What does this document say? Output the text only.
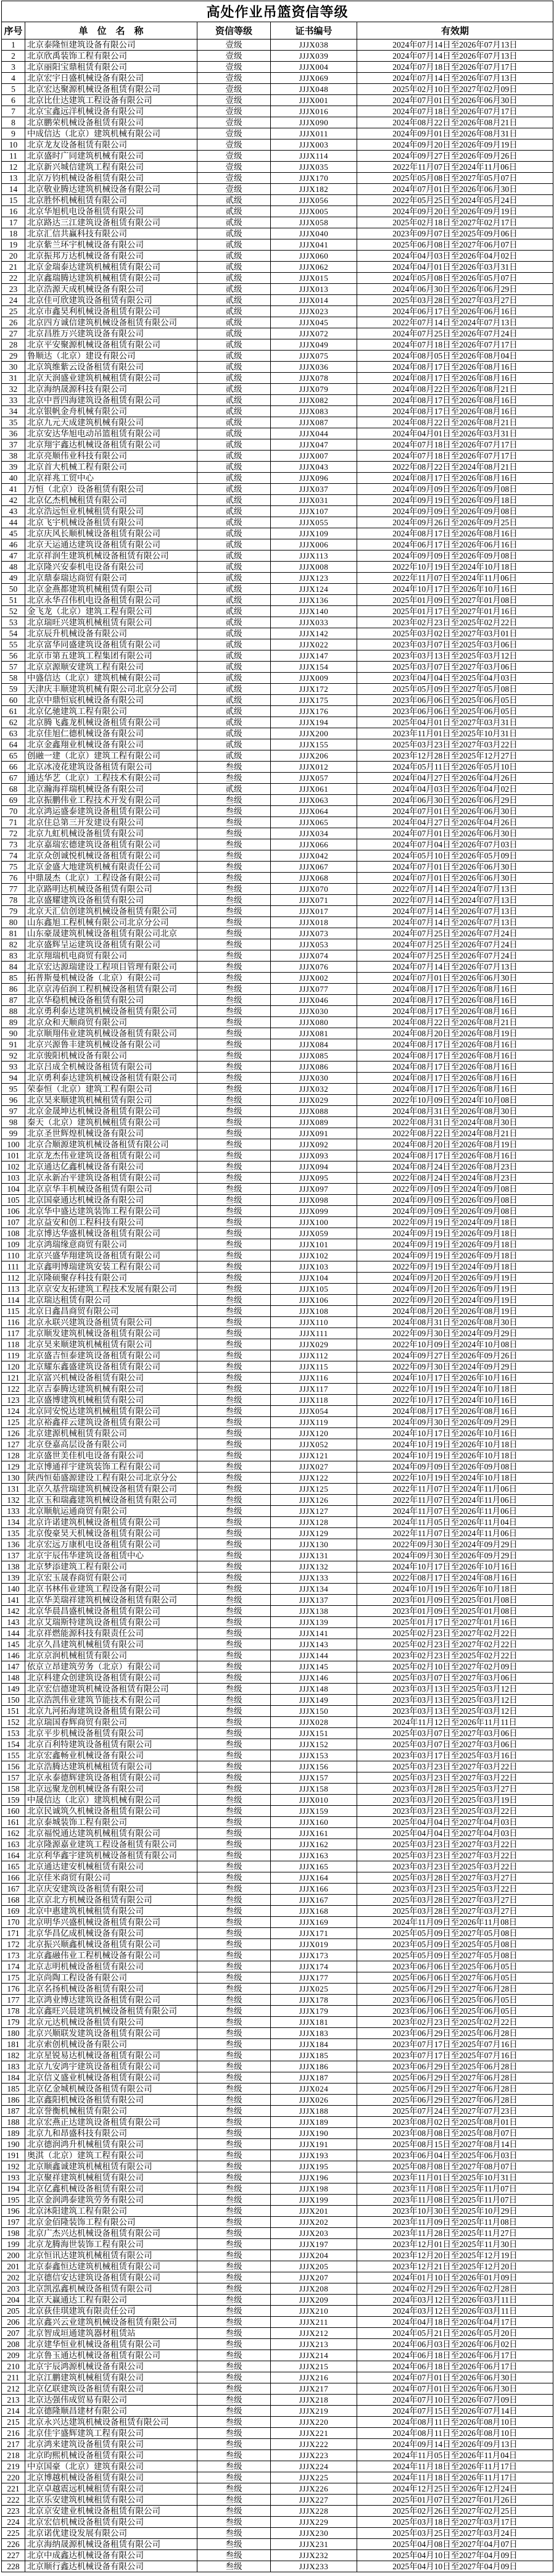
高处作业吊篮资信等级				
序号	单　位　名　称	资信等级	证书编号	有效期
1	北京泰隆恒建筑设备有限公司	壹级	JJJX038	2024年07月14日至2026年07月13日
2	北京欣禹装饰工程有限公司	壹级	JJJX039	2024年07月14日至2026年07月13日
3	北京丽阳宝鼎租赁有限公司	壹级	JJJX004	2024年07月18日至2026年07月17日
4	北京宏宇日盛机械设备有限公司	壹级	JJJX069	2024年07月14日至2026年07月13日
5	北京宏达聚源机械设备租赁有限公司	壹级	JJJX048	2025年02月10日至2027年02月09日
6	北京比仕达建筑工程设备有限公司	壹级	JJJX001	2024年07月01日至2026年06月30日
7	北京宝鑫远洋机械设备有限公司	壹级	JJJX016	2024年07月18日至2026年07月17日
8	北京鹏荣机械设备租赁有限公司	壹级	JJJX090	2024年08月22日至2026年08月21日
9	中成信达（北京）建筑机械有限公司	壹级	JJJX011	2024年09月01日至2026年08月31日
10	北京龙友设备租赁有限公司	壹级	JJJX003	2024年09月20日至2026年09月19日
11	北京盛时广同建筑机械有限公司	壹级	JJJX114	2024年09月27日至2026年09月26日
12	北京新兴城信建筑工程有限公司	壹级	JJJX035	2022年11月07日至2024年11月06日
13	北京万钧机械设备租赁有限公司	壹级	JJJX170	2025年05月08日至2027年05月07日
14	北京敬业腾达建筑机械设备有限公司	壹级	JJJX182	2024年07月01日至2026年06月30日
15	北京胜怀机械租赁有限公司	贰级	JJJX056	2022年05月25日至2024年05月24日
16	北京华旭机电设备租赁有限公司	贰级	JJJX005	2024年09月20日至2026年09月19日
17	北京路达三江建筑设备租赁有限公司	贰级	JJJX058	2025年02月18日至2027年02月17日
18	北京汇信共赢科技有限公司	贰级	JJJX040	2023年09月07日至2025年09月06日
19	北京紫兰环宇机械设备有限公司	贰级	JJJX041	2025年06月08日至2027年06月07日
20	北京振邦万达机械设备有限公司	贰级	JJJX060	2024年04月03日至2026年04月02日
21	北京金瑞泰达建筑机械租赁有限公司	贰级	JJJX062	2024年04月01日至2026年03月31日
22	北京鑫瑞腾达建筑机械租赁有限公司	贰级	JJJX015	2024年05月08日至2026年05月07日
23	北京浩源天成机械设备有限公司	贰级	JJJX013	2024年06月30日至2026年06月29日
24	北京佳可欣建筑设备租赁有限公司	贰级	JJJX014	2025年03月28日至2027年03月27日
25	北京市鑫昊利机械设备租赁有限公司	贰级	JJJX023	2024年06月17日至2026年06月16日
26	北京四方诚信建筑机械设备租赁有限公司	贰级	JJJX045	2022年07月14日至2024年07月13日
27	北京昌胜万兴建筑设备有限公司	贰级	JJJX072	2024年07月25日至2026年07月24日
28	北京平安聚源机械设备租赁有限公司	贰级	JJJX049	2024年07月18日至2026年07月17日
29	鲁顺达（北京）建设有限公司	贰级	JJJX075	2024年08月05日至2026年08月04日
30	北京筑维紫云设备租赁有限公司	贰级	JJJX036	2024年08月17日至2026年08月16日
31	北京天润盛业建筑机械租赁有限公司	贰级	JJJX078	2024年08月17日至2026年08月16日
32	北京海纳晟源科技有限公司	贰级	JJJX079	2024年08月22日至2026年08月21日
33	北京中晋四海建筑设备租赁有限公司	贰级	JJJX082	2024年08月17日至2026年08月16日
34	北京银帆金舟机械有限公司	贰级	JJJX083	2024年08月17日至2026年08月16日
35	北京九元天成建筑机械有限公司	贰级	JJJX087	2024年08月22日至2026年08月21日
36	北京安达华旭电动吊篮租赁有限公司	贰级	JJJX044	2024年04月01日至2026年03月31日
37	北京翔宇鑫达机械设备租赁有限公司	贰级	JJJX047	2024年07月18日至2026年07月17日
38	北京亮顺伟业科技有限公司	贰级	JJJX007	2024年07月18日至2026年07月17日
39	北京首大机械工程有限公司	贰级	JJJX043	2022年08月22日至2024年08月21日
40	北京祥兆工贸中心	贰级	JJJX096	2024年08月17日至2026年08月16日
41	万恒（北京）设备租赁有限公司	贰级	JJJX037	2024年09月09日至2026年09月08日
42	北京亿杰机械租赁有限公司	贰级	JJJX031	2024年09月19日至2026年09月18日
43	北京浩远恒业机械租赁有限公司	贰级	JJJX107	2024年09月09日至2026年09月08日
44	北京飞宇机械设备租赁有限公司	贰级	JJJX055	2024年09月26日至2026年09月25日
45	北京庆风长顺机械设备租赁有限公司	贰级	JJJX109	2024年08月17日至2026年08月16日
46	北京天运通达建筑设备租赁有限公司	贰级	JJJX006	2024年06月17日至2026年06月16日
47	北京祥润生建筑机械设备租赁有限公司	贰级	JJJX113	2024年09月09日至2026年09月08日
48	北京隆兴安泰机电设备有限公司	贰级	JJJX008	2022年10月19日至2024年10月18日
49	北京鼎泰瑞达商贸有限公司	贰级	JJJX123	2022年11月07日至2024年11月06日
50	北京金燕都建筑机械租赁有限公司	贰级	JJJX124	2024年10月17日至2026年10月16日
51	北京永华召伟机电设备租赁有限公司	贰级	JJJX136	2025年01月09日至2027年01月08日
52	金飞龙（北京）建筑工程有限公司	贰级	JJJX140	2025年01月17日至2027年01月16日
53	北京瑞旺兴建筑机械租赁有限公司	贰级	JJJX033	2023年02月23日至2025年02月22日
54	北京辰升机械设备有限公司	贰级	JJJX142	2025年03月02日至2027年03月01日
55	北京富华同盛建筑设备租赁有限公司	贰级	JJJX022	2023年03月07日至2025年03月06日
56	北京市第五建筑工程集团有限公司	贰级	JJJX147	2023年03月13日至2025年03月12日
57	北京京源顺安建筑工程有限公司	贰级	JJJX154	2025年03月07日至2027年03月06日
58	中盛信达（北京）建筑机械有限公司	贰级	JJJX009	2023年04月04日至2025年04月03日
59	天津庆丰顺建筑机械有限公司北京分公司	贰级	JJJX172	2025年05月09日至2027年05月08日
60	北京中鼎恒宸机械设备有限公司	贰级	JJJX175	2023年06月06日至2025年06月05日
61	北京亿驰建筑工程有限公司	贰级	JJJX176	2023年06月06日至2025年06月05日
62	北京腾飞鑫龙机械设备租赁有限公司	贰级	JJJX194	2025年04月01日至2027年03月31日
63	北京佳旭仁德机械设备有限公司	贰级	JJJX200	2023年11月01日至2025年10月31日
64	北京金鑫翔业机械设备有限公司	贰级	JJJX155	2025年03月23日至2027年03月22日
65	创融一建（北京）建筑工程有限公司	贰级	JJJX206	2023年12月28日至2025年12月27日
66	北京冰凌花建筑设备租赁有限公司	叁级	JJJX012	2024年05月11日至2026年05月10日
67	通达华艺（北京）工程技术有限公司	叁级	JJJX057	2024年04月27日至2026年04月26日
68	北京瀚海祥瑞机械设备有限公司	贰级	JJJX061	2024年04月03日至2026年04月02日
69	北京振鹏伟业工程技术开发有限公司	叁级	JJJX063	2024年06月30日至2026年06月29日
70	北京鸿运盛泰建筑设备租赁有限公司	叁级	JJJX064	2024年07月01日至2026年06月30日
71	北京住总第三开发建设有限公司	叁级	JJJX065	2024年04月27日至2026年04月26日
72	北京九虹机械设备租赁有限公司	叁级	JJJX034	2024年07月01日至2026年06月30日
73	北京嘉瑞宏德建筑设备租赁有限公司	叁级	JJJX066	2024年07月04日至2026年07月03日
74	北京众创诚悦机械设备租赁有限公司	叁级	JJJX042	2024年05月10日至2026年05月09日
75	北京金盛大地建筑机械有限责任公司	叁级	JJJX067	2024年07月01日至2026年06月30日
76	中鼎晟杰（北京）工程设备有限公司	叁级	JJJX068	2024年07月01日至2026年06月30日
77	北京路明达机械设备租赁有限公司	叁级	JJJX070	2022年07月14日至2024年07月13日
78	北京盛耀建筑设备租赁有限公司	叁级	JJJX071	2022年07月14日至2024年07月13日
79	北京天汇信创建筑机械设备租赁有限公司	叁级	JJJX017	2024年07月14日至2026年07月13日
80	山东鑫旭工程机械有限公司北京分公司	叁级	JJJX018	2024年07月14日至2026年07月13日
81	山东豪晟建筑机械设备租赁有限公司北京	叁级	JJJX073	2024年07月25日至2026年07月24日
82	北京盛辉呈运建筑设备租赁有限公司	叁级	JJJX053	2024年07月25日至2026年07月24日
83	北京翔瑞机电商贸有限公司	叁级	JJJX074	2024年07月25日至2026年07月24日
84	北京宏达源瑞建设工程项目管理有限公司	叁级	JJJX076	2024年07月14日至2026年07月13日
85	拓普斯曼机械设备（北京）有限公司	叁级	JJJX002	2024年07月01日至2026年06月30日
86	北京京涛佰润工程机械设备租赁有限公司	叁级	JJJX077	2024年08月17日至2026年08月16日
87	北京华稳机械设备租赁有限公司	叁级	JJJX046	2024年08月17日至2026年08月16日
88	北京勇利泰达建筑机械设备租赁有限公司	叁级	JJJX030	2024年08月17日至2026年08月16日
89	北京众和天顺商贸有限公司	叁级	JJJX080	2024年08月22日至2026年08月21日
90	北京顺翔伟业建筑机械设备租赁有限公司	叁级	JJJX081	2024年08月20日至2026年08月19日
91	北京兴源鲁丰建筑机械设备有限公司	叁级	JJJX084	2024年08月17日至2026年08月16日
92	北京骏阳机械设备有限公司	叁级	JJJX085	2024年08月17日至2026年08月16日
93	北京吕成全机械设备租赁有限公司	叁级	JJJX086	2024年08月17日至2026年08月16日
94	北京勇利泰达建筑机械设备租赁有限公司	叁级	JJJX030	2024年08月17日至2026年08月16日
95	荣泰恒（北京）建筑工程有限公司	叁级	JJJX032	2024年08月17日至2026年08月16日
96	北京昊来顺建筑机械租赁有限公司	叁级	JJJX029	2022年10月09日至2024年10月08日
97	北京金晟坤达机械设备租赁有限公司	叁级	JJJX088	2024年08月31日至2026年08月30日
98	秦天（北京）建筑机械租赁有限公司	叁级	JJJX089	2022年08月31日至2024年08月30日
99	北京圣世辉煌机械设备有限公司	叁级	JJJX091	2022年08月22日至2024年08月21日
100	北京合顺源建筑机械设备租赁有限公司	叁级	JJJX092	2024年08月20日至2026年08月19日
101	北京龙杰伟业建筑设备租赁有限公司	叁级	JJJX093	2024年08月17日至2026年08月16日
102	北京通达亿鑫机械设备有限公司	叁级	JJJX094	2024年08月24日至2026年08月23日
103	北京永新冶平建筑设备租赁有限公司	叁级	JJJX095	2022年08月24日至2024年08月23日
104	北京京华丰机械设备租赁有限公司	叁级	JJJX097	2022年09月09日至2024年09月08日
105	北京国豪通达机械设备有限公司	叁级	JJJX098	2024年09月09日至2026年09月08日
106	北京华中盛达建筑装饰工程有限公司	叁级	JJJX099	2024年09月09日至2026年09月08日
107	北京益安和创工程科技有限公司	叁级	JJJX100	2022年09月19日至2024年09月18日
108	北京博达华盛机械设备租赁有限公司	叁级	JJJX059	2024年09月19日至2026年09月18日
109	北京鸿瑞缘意商贸有限公司	叁级	JJJX101	2024年09月19日至2026年09月18日
110	北京兴盛华翔建筑设备租赁有限公司	叁级	JJJX102	2024年09月19日至2026年09月18日
111	北京鑫明博瑞建筑安装工程有限公司	叁级	JJJX103	2022年09月19日至2024年09月18日
112	北京隆硕聚存科技有限公司	叁级	JJJX104	2024年09月20日至2026年09月19日
113	北京京安友拓建筑工程技术发展有限公司	叁级	JJJX105	2024年09月20日至2026年09月19日
114	北京瑞达租赁有限公司	叁级	JJJX106	2022年09月20日至2024年09月19日
115	北京日鑫昌商贸有限公司	叁级	JJJX108	2024年08月20日至2026年08月19日
116	北京永联兴建筑设备租赁有限公司	叁级	JJJX110	2024年08月31日至2026年08月30日
117	北京顺发建筑机械设备租赁有限公司	叁级	JJJX111	2022年09月30日至2024年09月29日
118	北京昊来顺建筑机械租赁有限公司	叁级	JJJX029	2022年10月09日至2024年10月08日
119	北京盛吉恒泰建筑设备租赁有限公司	叁级	JJJX112	2024年09月27日至2026年09月26日
120	北京耀东鑫盛建筑设备租赁有限公司	叁级	JJJX115	2022年09月30日至2024年09月29日
121	北京富兴机械设备租赁有限公司	叁级	JJJX116	2024年10月17日至2026年10月16日
122	北京吉泰腾达建筑机械有限公司	叁级	JJJX117	2022年10月19日至2024年10月18日
123	北京盛博建筑机械租赁有限公司	叁级	JJJX118	2022年10月17日至2024年10月16日
124	北京同安悦达建筑机械租赁有限公司	叁级	JJJX054	2024年08月17日至2026年08月16日
125	北京裕鑫祥云建筑设备租赁有限公司	叁级	JJJX119	2024年09月30日至2026年09月29日
126	北京建源机械租赁有限公司	叁级	JJJX120	2024年10月17日至2026年10月16日
127	北京登嘉高层设备有限公司	叁级	JJJX052	2024年10月19日至2026年10月18日
128	北京盛世美佳机电设备有限公司	叁级	JJJX121	2024年10月19日至2026年10月18日
129	北京博通祥宇建筑装饰工程有限公司	叁级	JJJX027	2024年09月09日至2026年09月08日
130	陕西恒茹盛源建设工程有限公司北京分公	叁级	JJJX122	2022年10月19日至2024年10月18日
131	北京久基营瑞建筑机械设备租赁有限公司	叁级	JJJX125	2022年11月07日至2024年11月06日
132	北京玉和瑞鑫建筑机械设备租赁有限公司	叁级	JJJX126	2022年11月07日至2024年11月06日
133	北京顺航运通商贸有限公司	叁级	JJJX127	2024年11月07日至2026年11月06日
134	北京许诺建筑机械设备租赁有限公司	叁级	JJJX128	2024年11月05日至2026年11月04日
135	北京俊豪昊天机械设备租赁有限公司	叁级	JJJX129	2022年11月07日至2024年11月06日
136	北京宏远万康机电设备租赁有限公司	叁级	JJJX130	2022年09月30日至2024年09月29日
137	北京宇辰伟华建筑设备租赁中心	叁级	JJJX131	2024年09月30日至2026年09月29日
138	北京梦添建筑工程有限公司	叁级	JJJX132	2024年10月17日至2026年10月16日
139	北京宏玉晟春商贸有限公司	叁级	JJJX133	2022年08月17日至2024年08月16日
140	北京书林伟业建筑工程设备有限公司	叁级	JJJX134	2024年10月19日至2026年10月18日
141	北京华美瑞祥建筑机械设备租赁有限公司	叁级	JJJX137	2023年01月09日至2025年01月08日
142	北京华晨昌盛机械设备租赁有限公司	叁级	JJJX138	2023年01月09日至2025年01月08日
143	北京艾瑞斯特建筑设备租赁有限公司	叁级	JJJX139	2025年01月17日至2027年01月16日
144	北京祥燃能源科技有限责任公司	叁级	JJJX141	2025年02月23日至2027年02月22日
145	北京久昌建筑机械租赁有限公司	叁级	JJJX143	2025年02月23日至2027年02月22日
146	北京京润机械租赁有限公司	叁级	JJJX144	2023年02月23日至2025年02月22日
147	依京立昂建筑劳务（北京）有限公司	叁级	JJJX145	2025年02月10日至2027年02月09日
148	北京科建众创建筑设备租赁有限公司	叁级	JJJX146	2025年03月07日至2027年03月06日
149	北京宏信德建筑机械设备租赁有限公司	叁级	JJJX148	2023年03月13日至2025年03月12日
150	北京浩凯伟业建筑节能技术有限公司	叁级	JJJX149	2023年03月13日至2025年03月12日
151	北京九河拓海建筑设备租赁有限公司	叁级	JJJX150	2023年03月13日至2025年03月12日
152	北京瑞国春辉商贸有限公司	叁级	JJJX028	2024年11月12日至2026年11月11日
153	北京平步机械设备租赁有限公司	叁级	JJJX151	2025年03月07日至2027年03月06日
154	北京百利特建筑设备租赁有限公司	叁级	JJJX152	2025年03月07日至2027年03月06日
155	北京宏鑫畅业机械设备有限公司	叁级	JJJX153	2023年03月17日至2025年03月16日
156	北京浩腾达建筑机械租赁有限公司	叁级	JJJX156	2025年03月23日至2027年03月22日
157	北京永泰德辉建筑设备租赁有限公司	叁级	JJJX157	2025年03月23日至2027年03月22日
158	北京远聚龙创机械设备有限公司	叁级	JJJX158	2023年03月28日至2025年03月27日
159	中晟信达（北京）建筑机械有限公司	叁级	JJJX010	2023年03月20日至2025年03月19日
160	北京民诚筑久机械设备租赁有限公司	叁级	JJJX159	2023年03月23日至2025年03月22日
161	北京泰城装饰工程有限公司	叁级	JJJX160	2025年04月04日至2027年04月03日
162	北京福悦通达建筑机械租赁有限公司	叁级	JJJX161	2025年04月04日至2027年04月03日
163	北京隆源嘉业建筑工程设备租赁有限公司	叁级	JJJX162	2025年03月23日至2027年03月22日
164	北京利华鑫宇建筑机械设备租赁有限公司	叁级	JJJX163	2025年03月23日至2027年03月22日
165	北京通达建安机械租赁有限公司	叁级	JJJX165	2023年03月23日至2025年03月22日
166	北京佳米商贸有限公司	叁级	JJJX164	2025年03月28日至2027年03月27日
167	北京庆安建筑设备租赁有限公司	叁级	JJJX166	2023年03月23日至2025年03月22日
168	北京京北方机械设备租赁有限公司	叁级	JJJX167	2025年03月28日至2027年03月27日
169	北京中惠建筑机械租赁有限公司	叁级	JJJX168	2025年03月28日至2027年03月27日
170	北京明华兴盛机械设备租赁有限公司	叁级	JJJX169	2024年11月09日至2026年11月08日
171	北京华昌亿成机械设备有限公司	叁级	JJJX171	2025年05月09日至2027年05月08日
172	北京振兴顺鑫机械设备租赁有限公司	叁级	JJJX019	2023年05月09日至2025年05月08日
173	北京鑫融伟业工程机械设备有限公司	叁级	JJJX173	2025年05月09日至2027年05月08日
174	北京志明机械设备租赁有限公司	叁级	JJJX174	2023年06月06日至2025年06月05日
175	北京尚陶工程设备有限公司	叁级	JJJX177	2025年06月06日至2027年06月05日
176	北京名扬机械设备租赁有限公司	叁级	JJJX025	2025年06月29日至2027年06月28日
177	北京鸿业博达建筑设备租赁有限公司	叁级	JJJX178	2023年06月06日至2025年06月05日
178	北京鑫旺兴晨建筑机械设备租赁有限公司	叁级	JJJX179	2023年06月06日至2025年06月05日
179	北京元达机械设备租赁有限公司	叁级	JJJX181	2023年02月23日至2025年02月22日
180	北京兴顺联发建筑设备租赁有限公司	叁级	JJJX183	2023年06月29日至2025年06月28日
181	北京索创机械设备有限公司	叁级	JJJX184	2023年07月17日至2025年07月16日
182	北京星锐易达机械设备租赁有限公司	叁级	JJJX185	2023年07月17日至2025年07月16日
183	北京九安鸿宇建筑设备租赁有限公司	叁级	JJJX186	2023年06月29日至2025年06月28日
184	北京信义盛业机械设备租赁有限公司	叁级	JJJX187	2025年06月29日至2027年06月28日
185	北京亿金城机械设备租赁有限公司	叁级	JJJX024	2025年06月29日至2027年06月28日
186	北京鑫阳机械设备租赁有限公司	叁级	JJJX026	2025年06月29日至2027年06月28日
187	北京誉衡机械租赁有限公司	叁级	JJJX188	2025年07月24日至2027年07月23日
188	北京宏燕正达建筑设备租赁有限公司	叁级	JJJX189	2023年08月02日至2025年08月01日
189	北京九和昂盛科技有限公司	叁级	JJJX190	2023年08月08日至2025年08月07日
190	北京德润鸿升机械租赁有限公司	叁级	JJJX191	2025年08月15日至2027年08月14日
191	奥淇（北京）建筑工程有限公司	叁级	JJJX193	2023年06月04日至2025年06月03日
192	北京顺鑫诚建筑机械租赁有限公司	叁级	JJJX195	2025年08月08日至2027年08月07日
193	北京聚祥建筑机械租赁有限公司	叁级	JJJX196	2023年11月01日至2025年10月31日
194	北京亿鑫机械设备租赁有限公司	叁级	JJJX198	2023年11月08日至2025年11月07日
195	北京金润鸿泰建筑劳务有限公司	叁级	JJJX199	2023年11月08日至2025年11月07日
196	北京沐阳建筑工程有限公司	叁级	JJJX201	2023年10月30日至2025年10月29日
197	北京金佰隆装饰工程有限公司	叁级	JJJX202	2023年11月09日至2025年11月08日
198	北京广杰兴达机械设备租赁有限公司	叁级	JJJX203	2023年11月28日至2025年11月27日
199	北京龙腾海世装饰工程有限公司	叁级	JJJX197	2023年12月01日至2025年11月30日
200	北京恒讯达建筑机械租赁有限公司	叁级	JJJX204	2023年12月20日至2025年12月19日
201	北京泰鑫恒达建筑机械租赁有限公司	叁级	JJJX205	2023年12月21日至2025年12月20日
202	北京德信安达建筑设备租赁有限公司	叁级	JJJX207	2024年01月10日至2026年01月09日
203	北京凯泓鑫机械设备租赁有限公司	叁级	JJJX208	2024年02月29日至2026年02月28日
204	北京天赢通达工程有限公司	叁级	JJJX209	2024年03月12日至2026年03月11日
205	北京荻佳琪建筑有限责任公司	叁级	JJJX210	2024年03月12日至2026年03月11日
206	北京鑫兴云业建筑机械设备租赁有限公司	叁级	JJJX211	2024年04月18日至2026年04月17日
207	北京智成垣通建筑器材租赁站	叁级	JJJX212	2024年05月21日至2026年05月20日
208	北京建华恒业机械设备租赁有限公司	叁级	JJJX213	2024年06月03日至2026年06月02日
209	北京鲁玉通达机械设备租赁有限公司	叁级	JJJX214	2024年06月18日至2026年06月17日
210	北京宇辰鸿源机械设备有限公司	叁级	JJJX215	2024年06月18日至2026年06月17日
211	北京江鹏建筑机械租赁有限公司	叁级	JJJX216	2024年07月01日至2026年06月30日
212	北京亿联建筑设备租赁有限公司	叁级	JJJX217	2024年07月01日至2026年06月30日
213	北京达强伟成贸易有限公司	叁级	JJJX218	2024年07月10日至2026年07月09日
214	北京德隆顺昌建材有限公司	叁级	JJJX219	2024年07月15日至2026年07月14日
215	北京永兴达建筑机械设备租赁有限公司	叁级	JJJX220	2024年08月11日至2026年08月10日
216	北京佳宇盛辉建筑工程有限公司	叁级	JJJX221	2024年08月11日至2026年08月10日
217	北京鸿来建筑设备租赁有限公司	叁级	JJJX222	2024年09月14日至2026年09月13日
218	北京昀熙机械设备租赁有限公司	叁级	JJJX223	2024年11月05日至2026年11月04日
219	中京国豪（北京）建筑有限公司	叁级	JJJX224	2024年11月18日至2026年11月17日
220	北京博越机械设备租赁有限公司	叁级	JJJX225	2024年11月18日至2026年11月17日
221	北京卓越震远机械租赁有限公司	叁级	JJJX226	2024年12月25日至2026年12月24日
222	北京乐安建筑机械租赁有限公司	叁级	JJJX227	2025年01月07日至2027年01月26日
223	北京京安建业机械设备租赁有限公司	叁级	JJJX228	2025年02月26日至2027年02月25日
224	北京宏信机械设备租赁有限公司	叁级	JJJX229	2025年03月18日至2027年03月17日
225	北京诺优建设发展有限公司	叁级	JJJX230	2025年03月25日至2027年03月24日
226	北京海纳晟源机械设备租赁有限公司	叁级	JJJX231	2025年04月08日至2027年04月07日
227	北京中成鑫达机械设备有限公司	叁级	JJJX232	2025年04月10日至2027年04月09日
228	北京顺行鑫达机械设备有限公司	叁级	JJJX233	2025年04月10日至2027年04月09日
